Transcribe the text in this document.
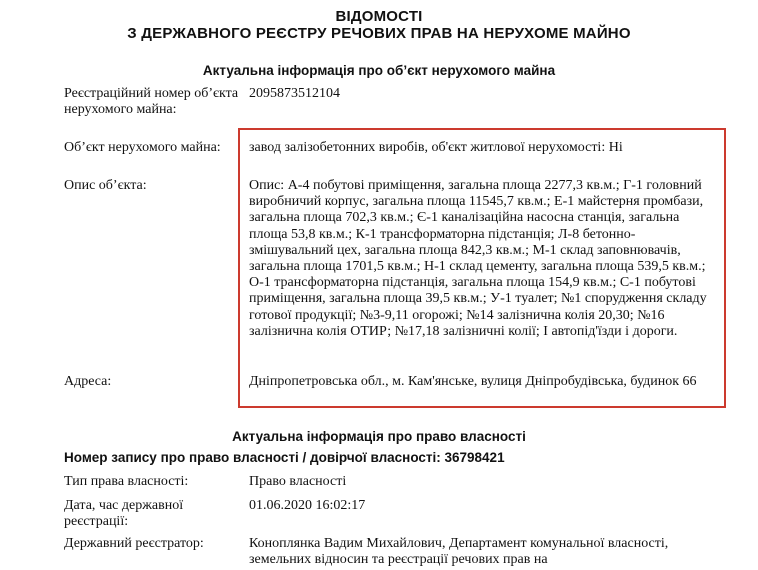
ВІДОМОСТІ
З ДЕРЖАВНОГО РЕЄСТРУ РЕЧОВИХ ПРАВ НА НЕРУХОМЕ МАЙНО
Актуальна інформація про об’єкт нерухомого майна
Реєстраційний номер об’єкта нерухомого майна:
2095873512104
Об’єкт нерухомого майна:	завод залізобетонних виробів, об'єкт житлової нерухомості: Ні
Опис об’єкта:	Опис: А-4 побутові приміщення, загальна площа 2277,3 кв.м.; Г-1 головний виробничий корпус, загальна площа 11545,7 кв.м.; Е-1 майстерня промбази, загальна площа 702,3 кв.м.; Є-1 каналізаційна насосна станція, загальна площа 53,8 кв.м.; К-1 трансформаторна підстанція; Л-8 бетонно-змішувальний цех, загальна площа 842,3 кв.м.; М-1 склад заповнювачів, загальна площа 1701,5 кв.м.; Н-1 склад цементу, загальна площа 539,5 кв.м.; О-1 трансформаторна підстанція, загальна площа 154,9 кв.м.; С-1 побутові приміщення, загальна площа 39,5 кв.м.; У-1 туалет; №1 спорудження складу готової продукції; №3-9,11 огорожі; №14 залізнична колія 20,30; №16 залізнична колія ОТИР; №17,18 залізничні колії; І автопід'їзди і дороги.
Адреса:	Дніпропетровська обл., м. Кам'янське, вулиця Дніпробудівська, будинок 66
Актуальна інформація про право власності
Номер запису про право власності / довірчої власності: 36798421
Тип права власності:	Право власності
Дата, час державної реєстрації:
01.06.2020 16:02:17
Державний реєстратор:	Коноплянка Вадим Михайлович, Департамент комунальної власності, земельних відносин та реєстрації речових прав на
